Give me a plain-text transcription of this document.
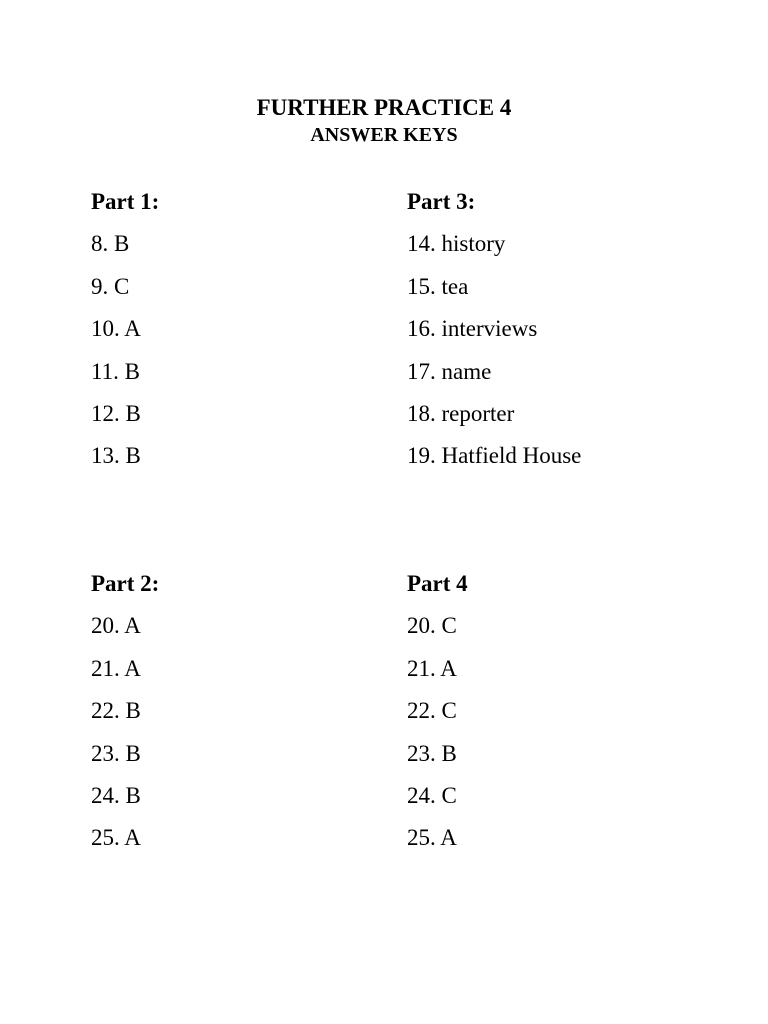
FURTHER PRACTICE 4
ANSWER KEYS
Part 1:
8. B
9. C
10. A
11. B
12. B
13. B
Part 3:
14. history
15. tea
16. interviews
17. name
18. reporter
19. Hatfield House
Part 2:
20. A
21. A
22. B
23. B
24. B
25. A
Part 4
20. C
21. A
22. C
23. B
24. C
25. A
